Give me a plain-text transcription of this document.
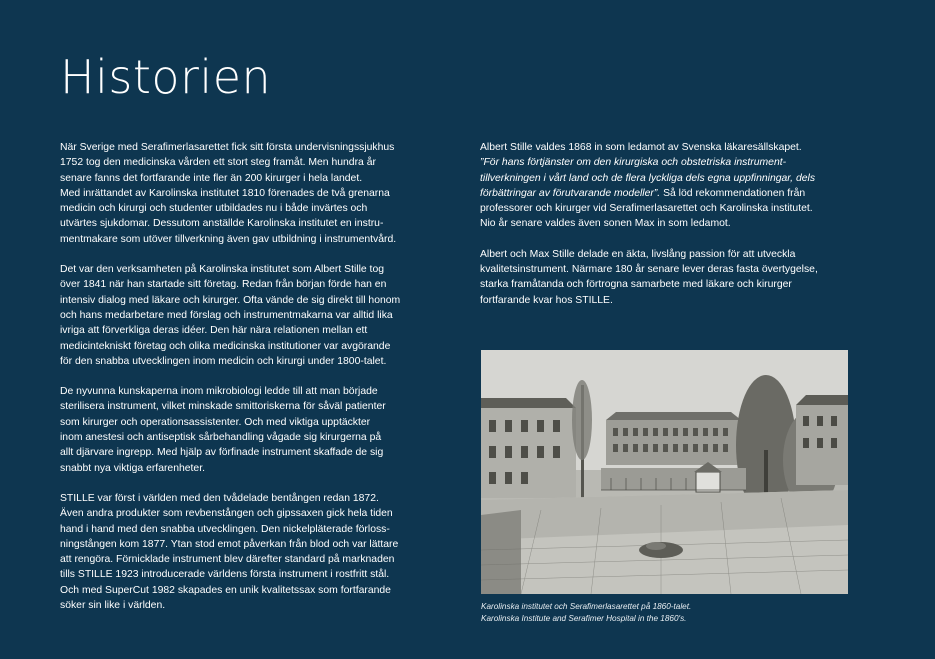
Historien

När Sverige med Serafimerlasarettet fick sitt första undervisningssjukhus
1752 tog den medicinska vården ett stort steg framåt. Men hundra år
senare fanns det fortfarande inte fler än 200 kirurger i hela landet.
Med inrättandet av Karolinska institutet 1810 förenades de två grenarna
medicin och kirurgi och studenter utbildades nu i både invärtes och
utvärtes sjukdomar. Dessutom anställde Karolinska institutet en instru-
mentmakare som utöver tillverkning även gav utbildning i instrumentvård.

Det var den verksamheten på Karolinska institutet som Albert Stille tog
över 1841 när han startade sitt företag. Redan från början förde han en
intensiv dialog med läkare och kirurger. Ofta vände de sig direkt till honom
och hans medarbetare med förslag och instrumentmakarna var alltid lika
ivriga att förverkliga deras idéer. Den här nära relationen mellan ett
medicintekniskt företag och olika medicinska institutioner var avgörande
för den snabba utvecklingen inom medicin och kirurgi under 1800-talet.

De nyvunna kunskaperna inom mikrobiologi ledde till att man började
sterilisera instrument, vilket minskade smittoriskerna för såväl patienter
som kirurger och operationsassistenter. Och med viktiga upptäckter
inom anestesi och antiseptisk sårbehandling vågade sig kirurgerna på
allt djärvare ingrepp. Med hjälp av förfinade instrument skaffade de sig
snabbt nya viktiga erfarenheter.

STILLE var först i världen med den tvådelade bentången redan 1872.
Även andra produkter som revbenstången och gipssaxen gick hela tiden
hand i hand med den snabba utvecklingen. Den nickelpläterade förloss-
ningstången kom 1877. Ytan stod emot påverkan från blod och var lättare
att rengöra. Förnicklade instrument blev därefter standard på marknaden
tills STILLE 1923 introducerade världens första instrument i rostfritt stål.
Och med SuperCut 1982 skapades en unik kvalitetssax som fortfarande
söker sin like i världen.

Albert Stille valdes 1868 in som ledamot av Svenska läkaresällskapet.
”För hans förtjänster om den kirurgiska och obstetriska instrument-
tillverkningen i vårt land och de flera lyckliga dels egna uppfinningar, dels
förbättringar av förutvarande modeller”. Så löd rekommendationen från
professorer och kirurger vid Serafimerlasarettet och Karolinska institutet.
Nio år senare valdes även sonen Max in som ledamot.

Albert och Max Stille delade en äkta, livslång passion för att utveckla
kvalitetsinstrument. Närmare 180 år senare lever deras fasta övertygelse,
starka framåtanda och förtrogna samarbete med läkare och kirurger
fortfarande kvar hos STILLE.

Karolinska institutet och Serafimerlasarettet på 1860-talet.
Karolinska Institute and Serafimer Hospital in the 1860's.
